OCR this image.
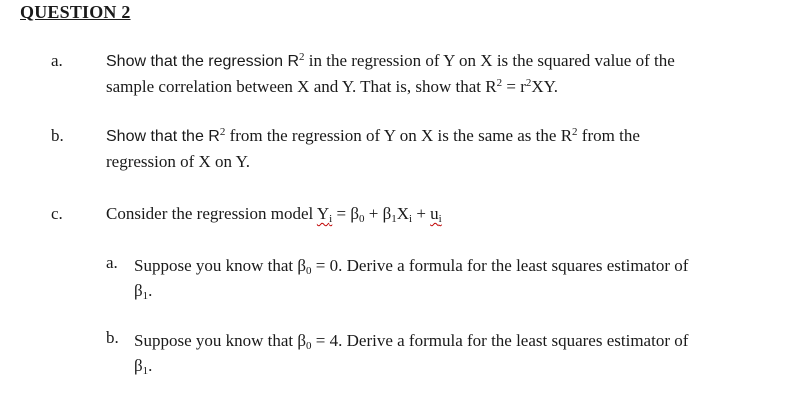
QUESTION 2
a.	Show that the regression $R^2$ in the regression of Y on X is the squared value of the
sample correlation between X and Y. That is, show that $R^2 = r^2XY$.
b.	Show that the $R^2$ from the regression of Y on X is the same as the $R^2$ from the
regression of X on Y.
c.	Consider the regression model $Y_i = \beta_0 + \beta_1X_i + u_i$
a. Suppose you know that $\beta_0 = 0$. Derive a formula for the least squares estimator of
$\beta_1$.
b. Suppose you know that $\beta_0 = 4$. Derive a formula for the least squares estimator of
$\beta_1$.
